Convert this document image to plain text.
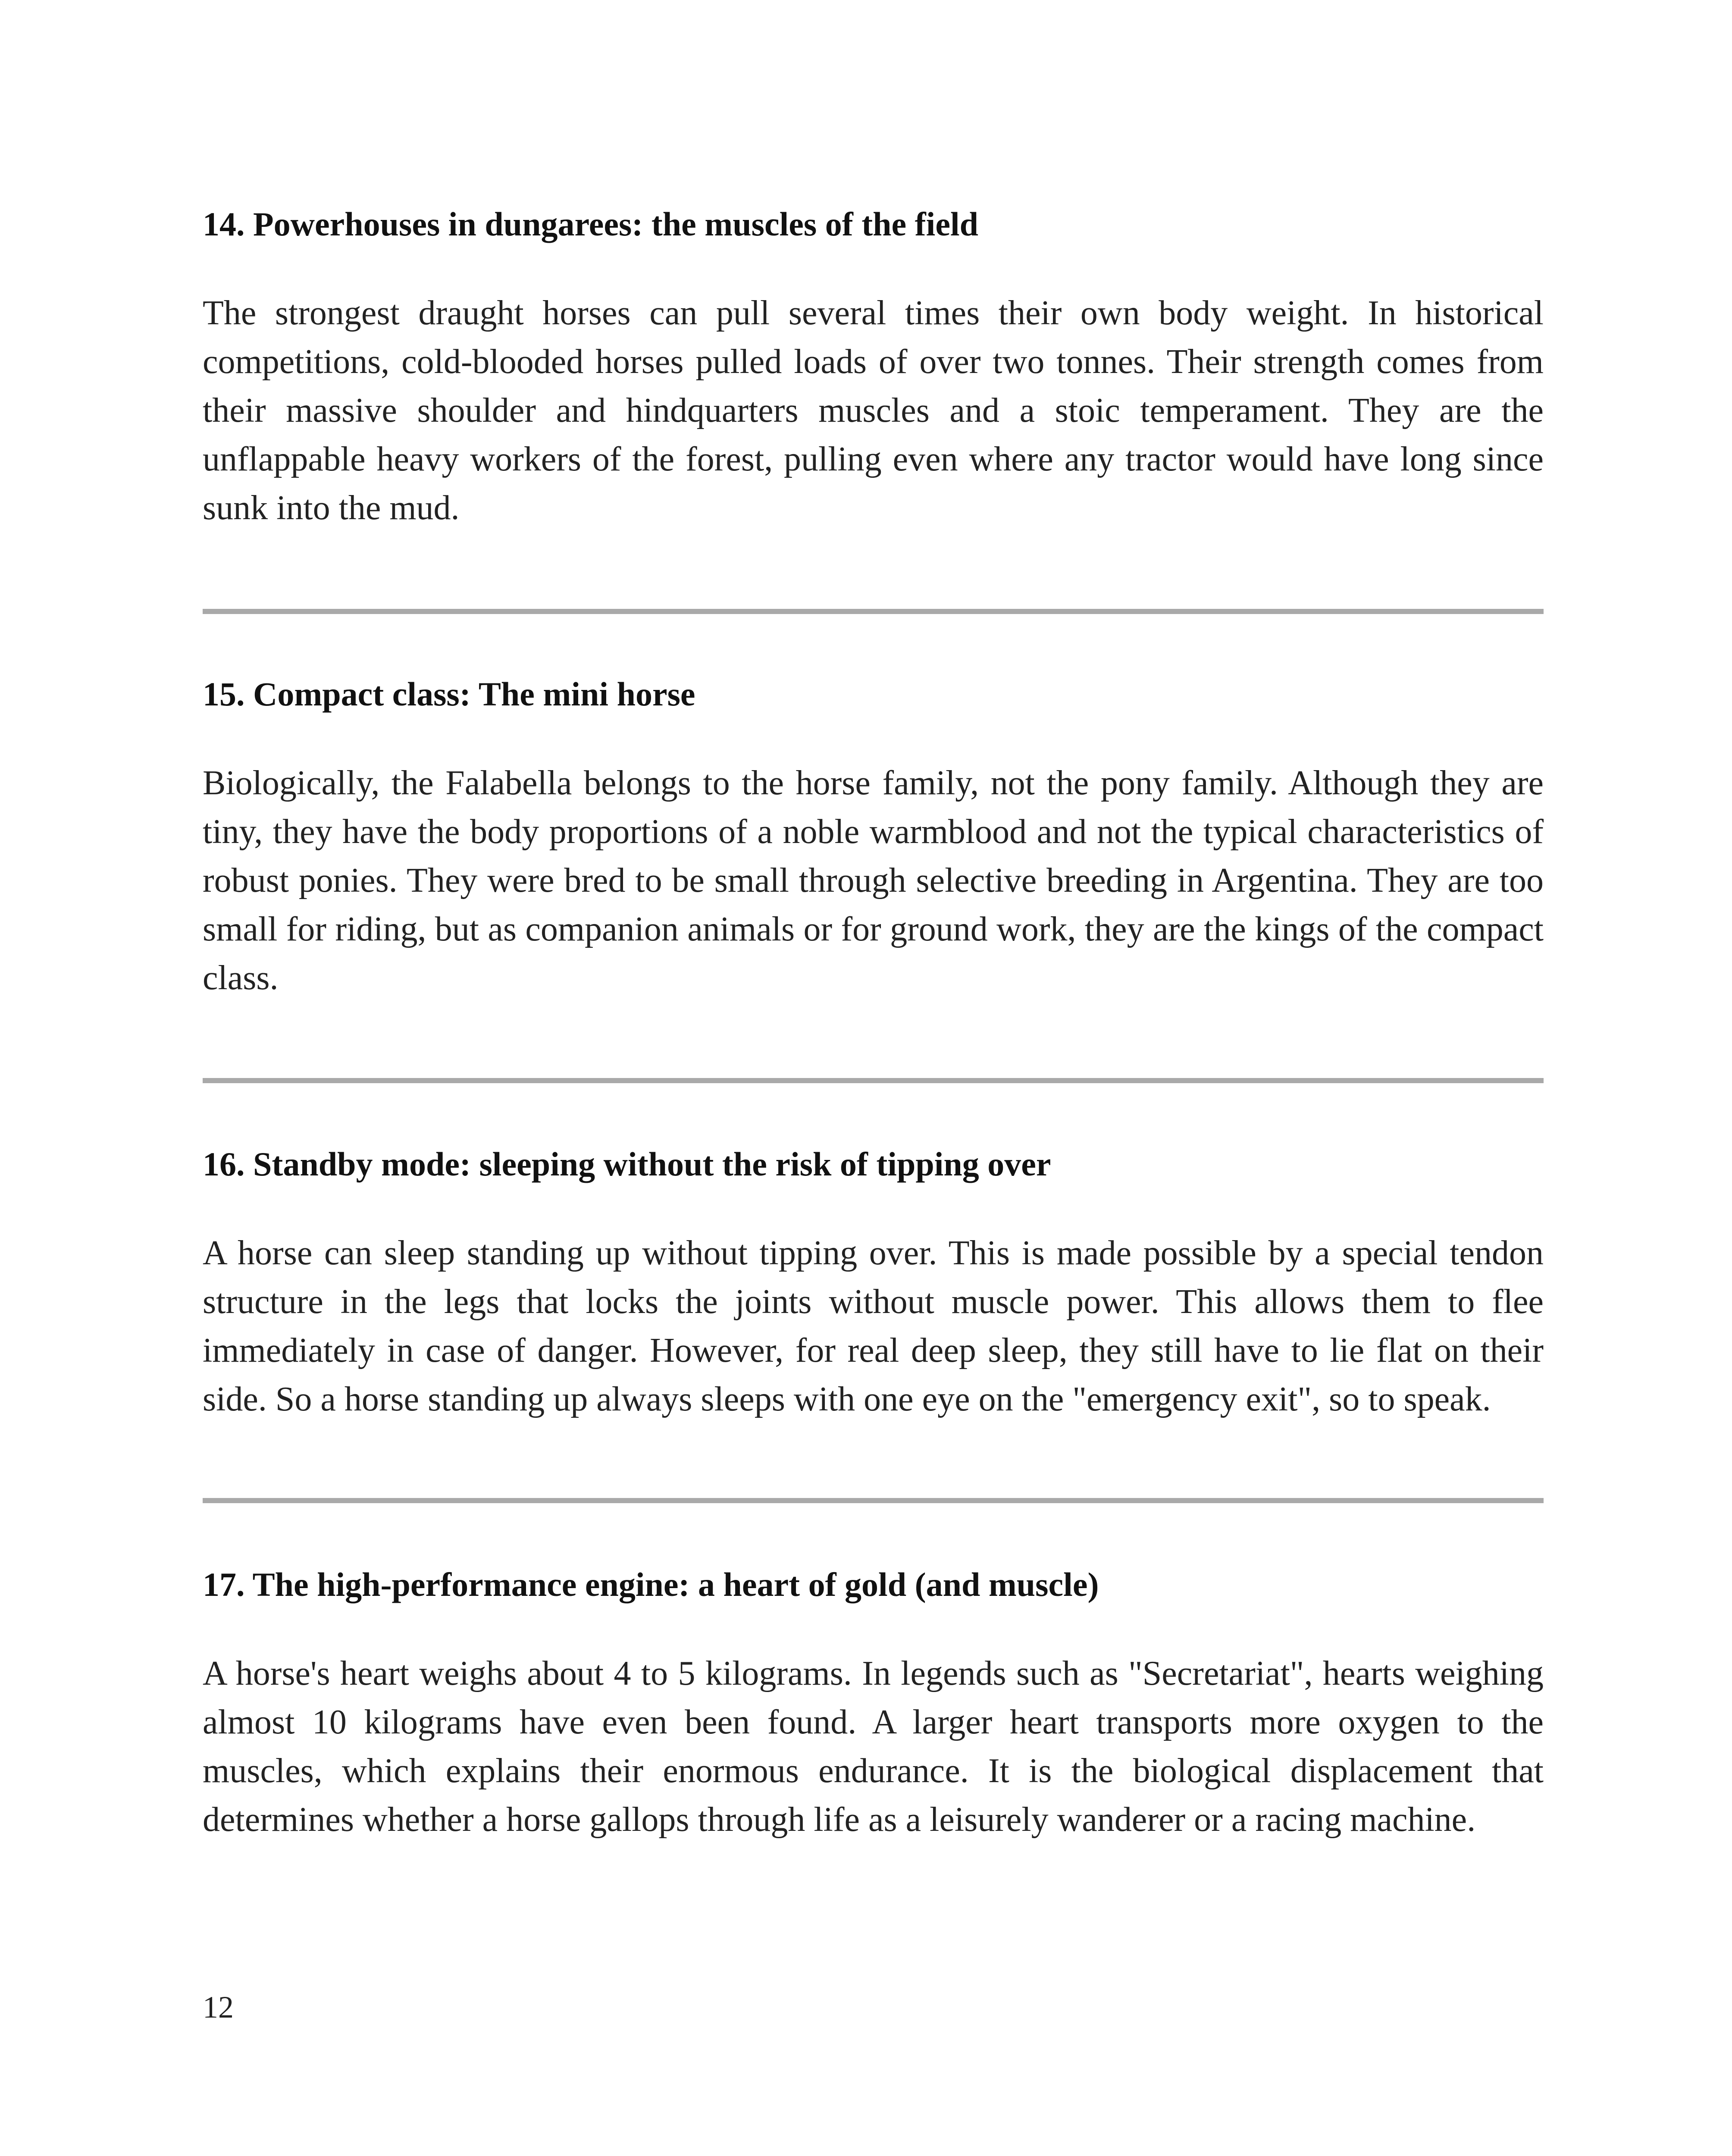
14. Powerhouses in dungarees: the muscles of the field

The strongest draught horses can pull several times their own body weight. In historical competitions, cold-blooded horses pulled loads of over two tonnes. Their strength comes from their massive shoulder and hindquarters muscles and a stoic temperament. They are the unflappable heavy workers of the forest, pulling even where any tractor would have long since sunk into the mud.

15. Compact class: The mini horse

Biologically, the Falabella belongs to the horse family, not the pony family. Although they are tiny, they have the body proportions of a noble warmblood and not the typical characteristics of robust ponies. They were bred to be small through selective breeding in Argentina. They are too small for riding, but as companion animals or for ground work, they are the kings of the compact class.

16. Standby mode: sleeping without the risk of tipping over

A horse can sleep standing up without tipping over. This is made possible by a special tendon structure in the legs that locks the joints without muscle power. This allows them to flee immediately in case of danger. However, for real deep sleep, they still have to lie flat on their side. So a horse standing up always sleeps with one eye on the "emergency exit", so to speak.

17. The high-performance engine: a heart of gold (and muscle)

A horse's heart weighs about 4 to 5 kilograms. In legends such as "Secretariat", hearts weighing almost 10 kilograms have even been found. A larger heart transports more oxygen to the muscles, which explains their enormous endurance. It is the biological displacement that determines whether a horse gallops through life as a leisurely wanderer or a racing machine.

12
